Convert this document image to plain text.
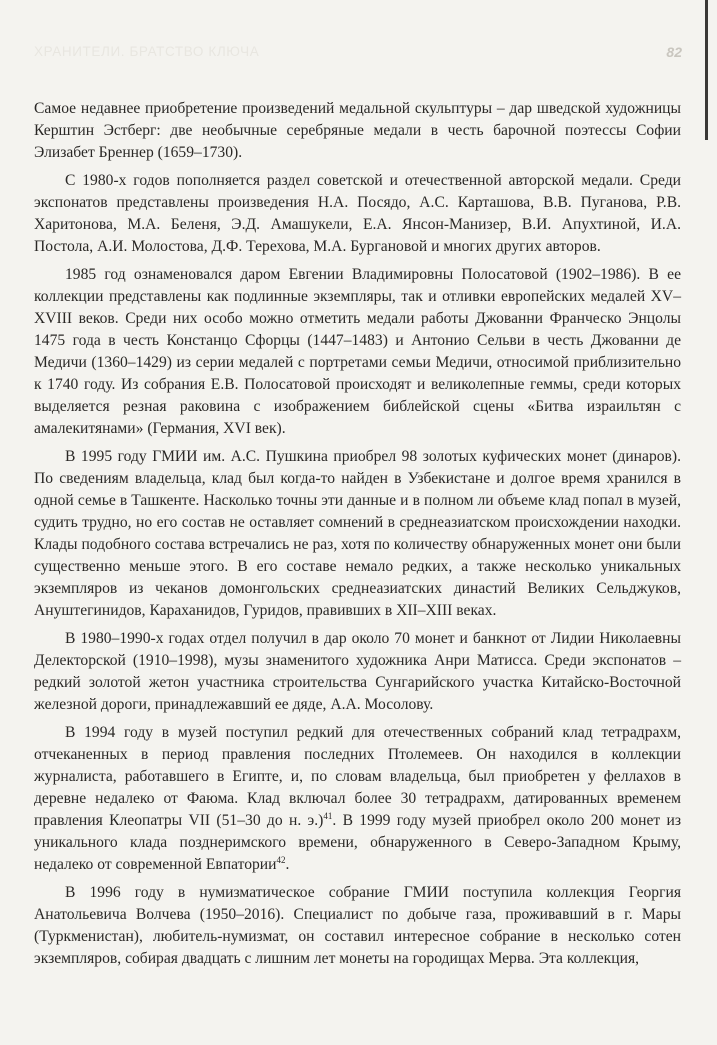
ХРАНИТЕЛИ. БРАТСТВО КЛЮЧА	82

Самое недавнее приобретение произведений медальной скульптуры – дар шведской художницы Керштин Эстберг: две необычные серебряные медали в честь барочной поэтессы Софии Элизабет Бреннер (1659–1730).

С 1980-х годов пополняется раздел советской и отечественной авторской медали. Среди экспонатов представлены произведения Н.А. Посядо, А.С. Карташова, В.В. Пуганова, Р.В. Харитонова, М.А. Беленя, Э.Д. Амашукели, Е.А. Янсон-Манизер, В.И. Апухтиной, И.А. Постола, А.И. Молостова, Д.Ф. Терехова, М.А. Бургановой и многих других авторов.

1985 год ознаменовался даром Евгении Владимировны Полосатовой (1902–1986). В ее коллекции представлены как подлинные экземпляры, так и отливки европейских медалей XV–XVIII веков. Среди них особо можно отметить медали работы Джованни Франческо Энцолы 1475 года в честь Констанцо Сфорцы (1447–1483) и Антонио Сельви в честь Джованни де Медичи (1360–1429) из серии медалей с портретами семьи Медичи, относимой приблизительно к 1740 году. Из собрания Е.В. Полосатовой происходят и великолепные геммы, среди которых выделяется резная раковина с изображением библейской сцены «Битва израильтян с амалекитянами» (Германия, XVI век).

В 1995 году ГМИИ им. А.С. Пушкина приобрел 98 золотых куфических монет (динаров). По сведениям владельца, клад был когда-то найден в Узбекистане и долгое время хранился в одной семье в Ташкенте. Насколько точны эти данные и в полном ли объеме клад попал в музей, судить трудно, но его состав не оставляет сомнений в среднеазиатском происхождении находки. Клады подобного состава встречались не раз, хотя по количеству обнаруженных монет они были существенно меньше этого. В его составе немало редких, а также несколько уникальных экземпляров из чеканов домонгольских среднеазиатских династий Великих Сельджуков, Ануштегинидов, Караханидов, Гуридов, правивших в XII–XIII веках.

В 1980–1990-х годах отдел получил в дар около 70 монет и банкнот от Лидии Николаевны Делекторской (1910–1998), музы знаменитого художника Анри Матисса. Среди экспонатов – редкий золотой жетон участника строительства Сунгарийского участка Китайско-Восточной железной дороги, принадлежавший ее дяде, А.А. Мосолову.

В 1994 году в музей поступил редкий для отечественных собраний клад тетрадрахм, отчеканенных в период правления последних Птолемеев. Он находился в коллекции журналиста, работавшего в Египте, и, по словам владельца, был приобретен у феллахов в деревне недалеко от Фаюма. Клад включал более 30 тетрадрахм, датированных временем правления Клеопатры VII (51–30 до н. э.)$^{41}$. В 1999 году музей приобрел около 200 монет из уникального клада позднеримского времени, обнаруженного в Северо-Западном Крыму, недалеко от современной Евпатории$^{42}$.

В 1996 году в нумизматическое собрание ГМИИ поступила коллекция Георгия Анатольевича Волчева (1950–2016). Специалист по добыче газа, проживавший в г. Мары (Туркменистан), любитель-нумизмат, он составил интересное собрание в несколько сотен экземпляров, собирая двадцать с лишним лет монеты на городищах Мерва. Эта коллекция,
